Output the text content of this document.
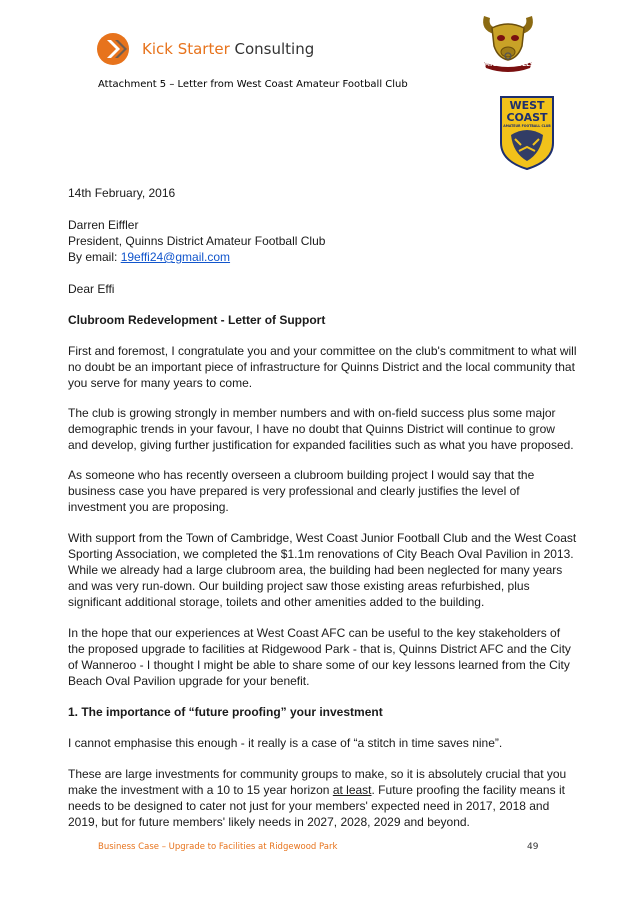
Kick Starter Consulting
Attachment 5 – Letter from West Coast Amateur Football Club
MIGHTY BULLS
WEST
COAST
AMATEUR FOOTBALL CLUB
14th February, 2016
Darren Eiffler
President, Quinns District Amateur Football Club
By email: 19effi24@gmail.com
Dear Effi
Clubroom Redevelopment - Letter of Support
First and foremost, I congratulate you and your committee on the club's commitment to what will
no doubt be an important piece of infrastructure for Quinns District and the local community that
you serve for many years to come.
The club is growing strongly in member numbers and with on-field success plus some major
demographic trends in your favour, I have no doubt that Quinns District will continue to grow
and develop, giving further justification for expanded facilities such as what you have proposed.
As someone who has recently overseen a clubroom building project I would say that the
business case you have prepared is very professional and clearly justifies the level of
investment you are proposing.
With support from the Town of Cambridge, West Coast Junior Football Club and the West Coast
Sporting Association, we completed the $1.1m renovations of City Beach Oval Pavilion in 2013.
While we already had a large clubroom area, the building had been neglected for many years
and was very run-down. Our building project saw those existing areas refurbished, plus
significant additional storage, toilets and other amenities added to the building.
In the hope that our experiences at West Coast AFC can be useful to the key stakeholders of
the proposed upgrade to facilities at Ridgewood Park - that is, Quinns District AFC and the City
of Wanneroo - I thought I might be able to share some of our key lessons learned from the City
Beach Oval Pavilion upgrade for your benefit.
1. The importance of “future proofing” your investment
I cannot emphasise this enough - it really is a case of “a stitch in time saves nine”.
These are large investments for community groups to make, so it is absolutely crucial that you
make the investment with a 10 to 15 year horizon at least. Future proofing the facility means it
needs to be designed to cater not just for your members' expected need in 2017, 2018 and
2019, but for future members' likely needs in 2027, 2028, 2029 and beyond.
Business Case – Upgrade to Facilities at Ridgewood Park	49
